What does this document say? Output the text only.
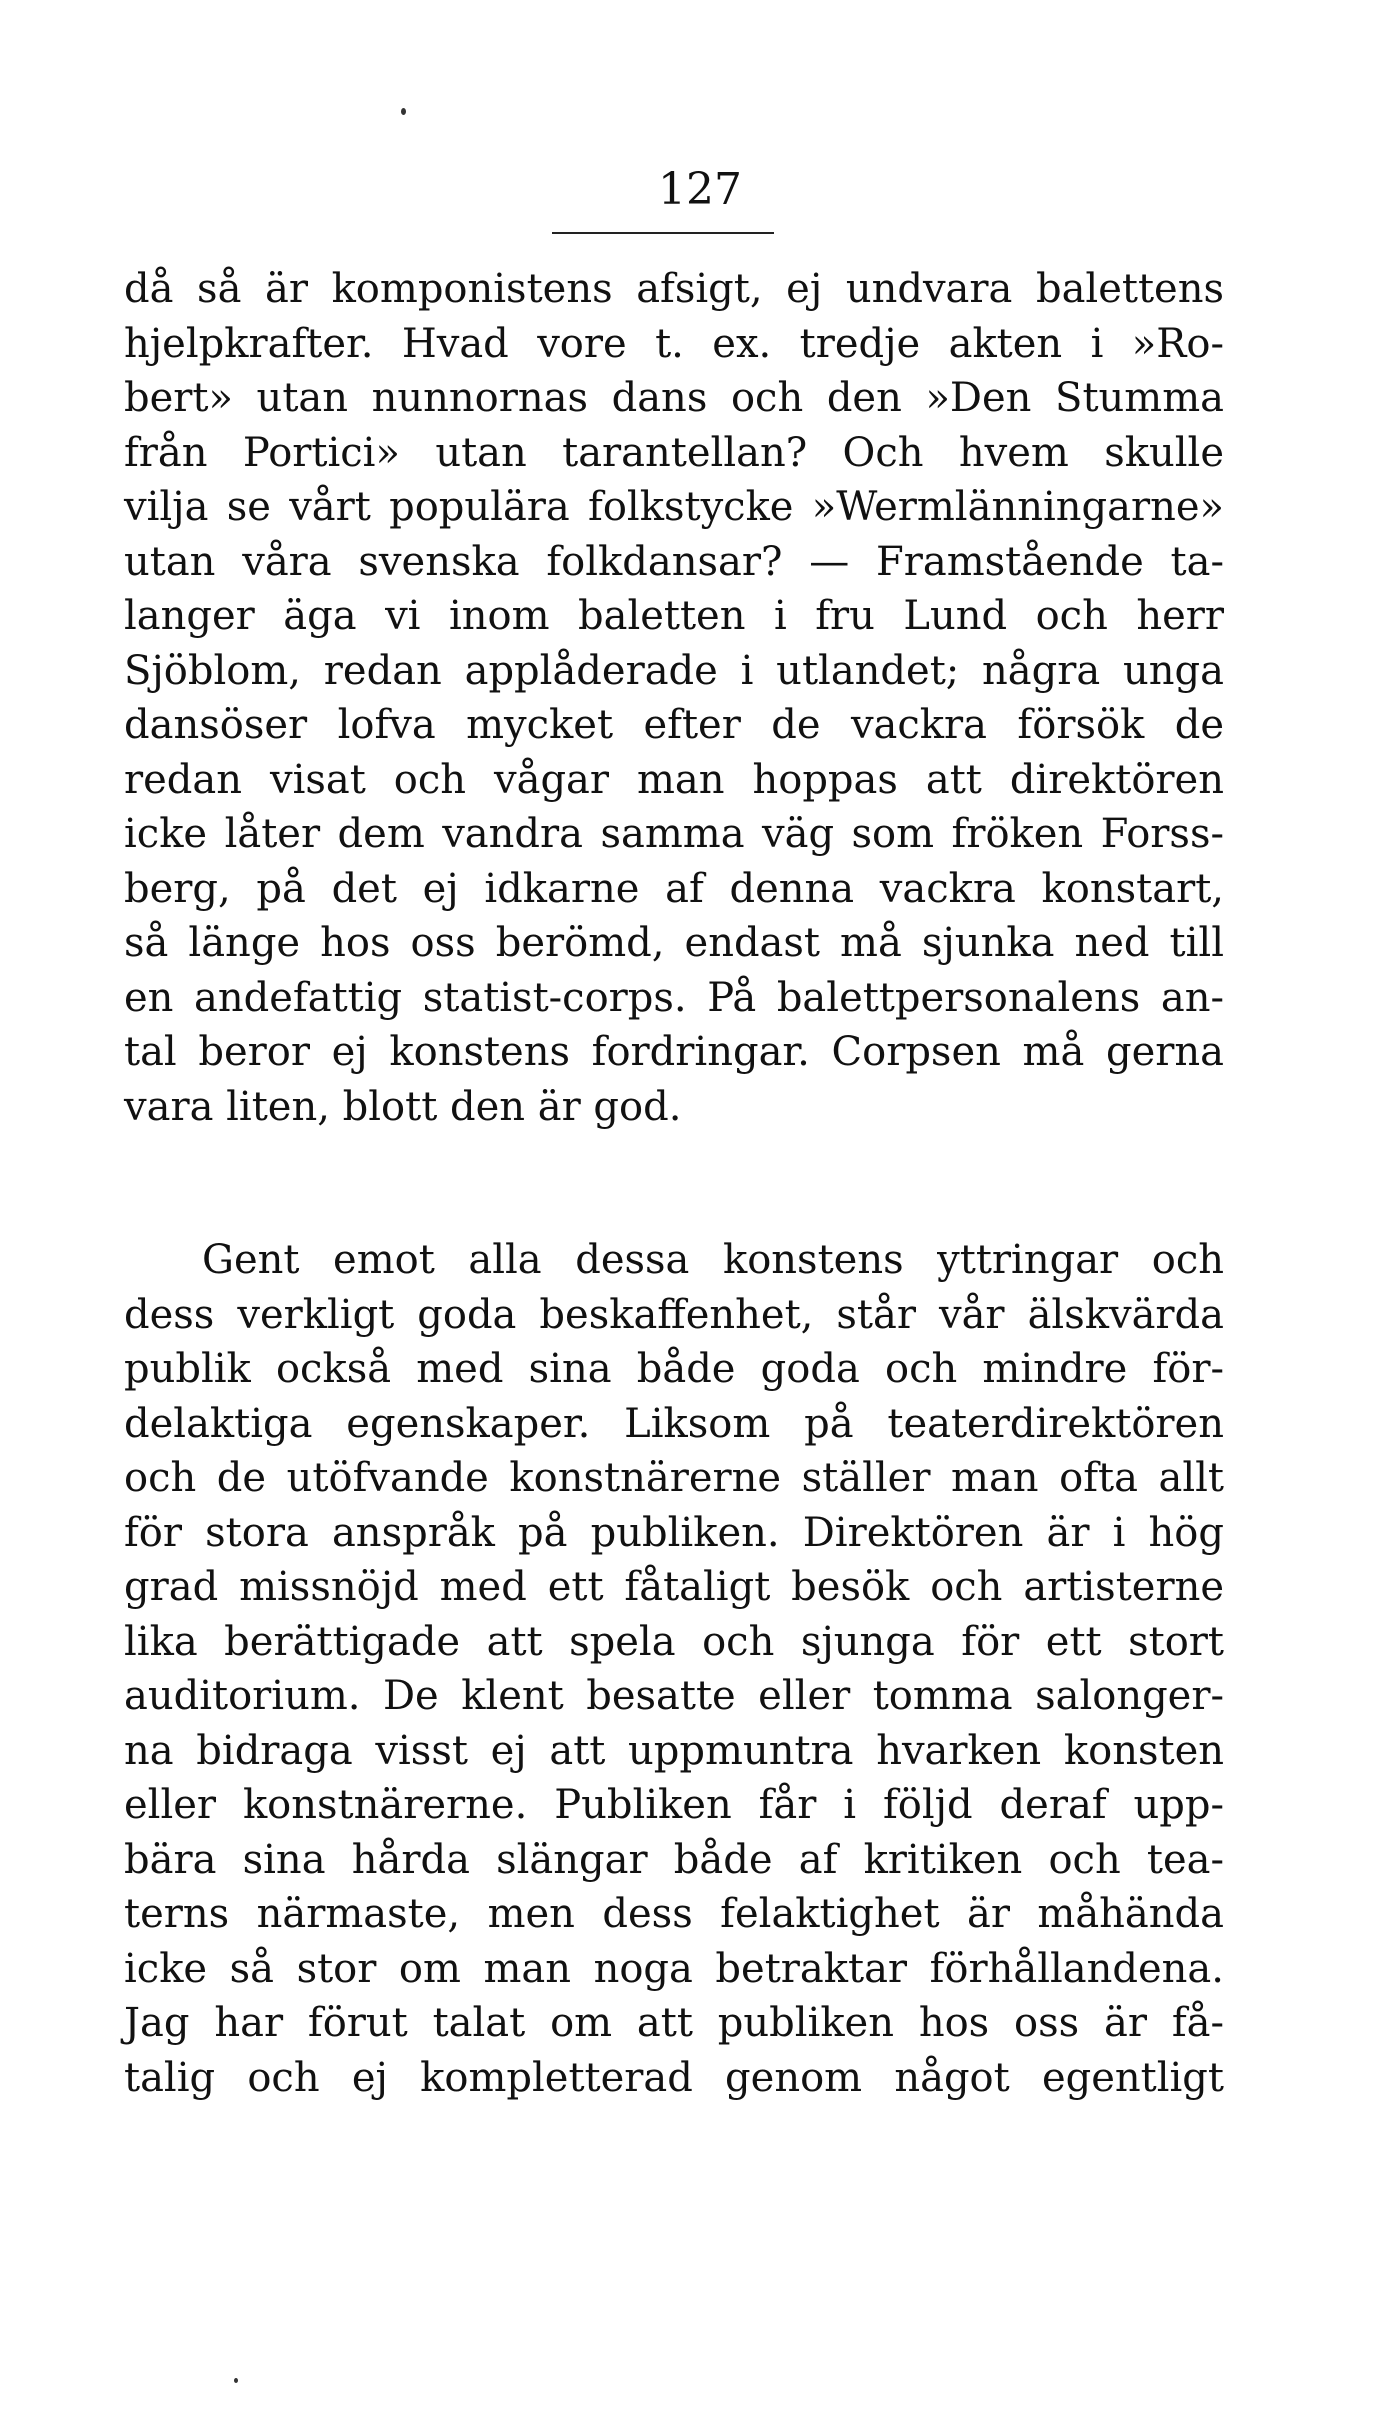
127
då så är komponistens afsigt, ej undvara balettens
hjelpkrafter. Hvad vore t. ex. tredje akten i »Ro-
bert» utan nunnornas dans och den »Den Stumma
från Portici» utan tarantellan? Och hvem skulle
vilja se vårt populära folkstycke »Wermlänningarne»
utan våra svenska folkdansar? — Framstående ta-
langer äga vi inom baletten i fru Lund och herr
Sjöblom, redan applåderade i utlandet; några unga
dansöser lofva mycket efter de vackra försök de
redan visat och vågar man hoppas att direktören
icke låter dem vandra samma väg som fröken Forss-
berg, på det ej idkarne af denna vackra konstart,
så länge hos oss berömd, endast må sjunka ned till
en andefattig statist-corps. På balettpersonalens an-
tal beror ej konstens fordringar. Corpsen må gerna
vara liten, blott den är god.
Gent emot alla dessa konstens yttringar och
dess verkligt goda beskaffenhet, står vår älskvärda
publik också med sina både goda och mindre för-
delaktiga egenskaper. Liksom på teaterdirektören
och de utöfvande konstnärerne ställer man ofta allt
för stora anspråk på publiken. Direktören är i hög
grad missnöjd med ett fåtaligt besök och artisterne
lika berättigade att spela och sjunga för ett stort
auditorium. De klent besatte eller tomma salonger-
na bidraga visst ej att uppmuntra hvarken konsten
eller konstnärerne. Publiken får i följd deraf upp-
bära sina hårda slängar både af kritiken och tea-
terns närmaste, men dess felaktighet är måhända
icke så stor om man noga betraktar förhållandena.
Jag har förut talat om att publiken hos oss är få-
talig och ej kompletterad genom något egentligt
